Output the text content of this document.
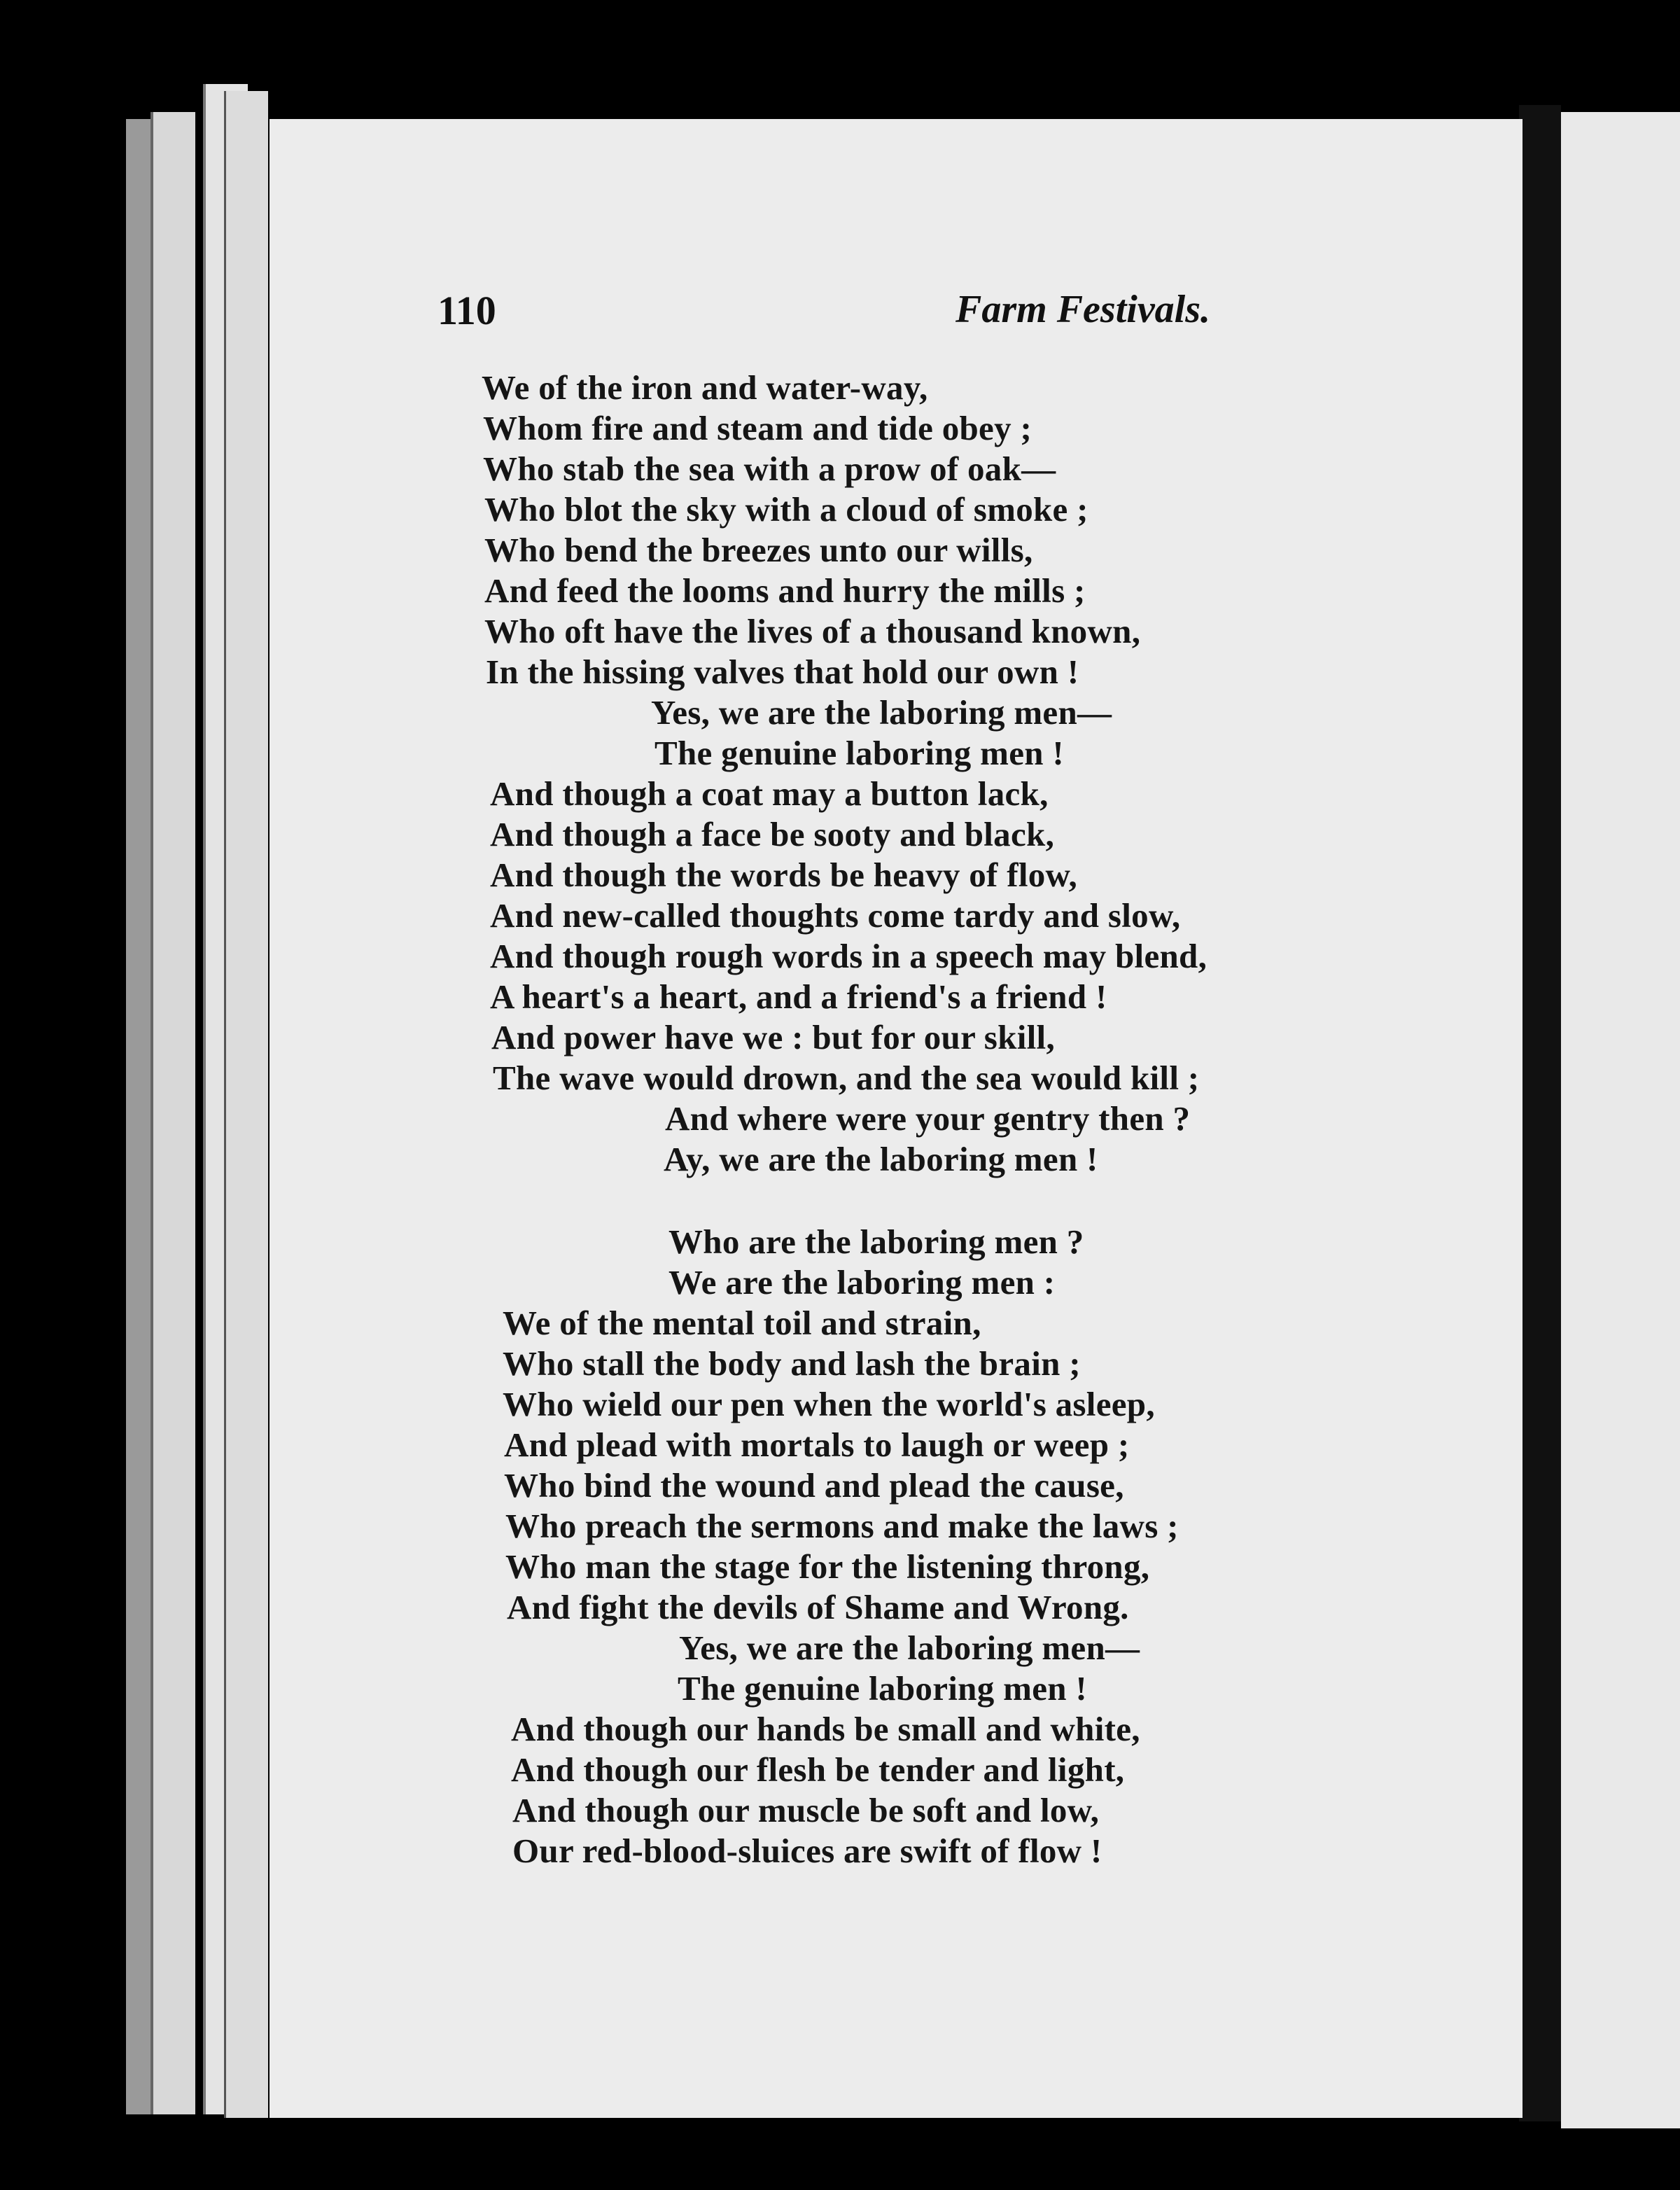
110	Farm Festivals.
We of the iron and water-way,
Whom fire and steam and tide obey ;
Who stab the sea with a prow of oak—
Who blot the sky with a cloud of smoke ;
Who bend the breezes unto our wills,
And feed the looms and hurry the mills ;
Who oft have the lives of a thousand known,
In the hissing valves that hold our own !
Yes, we are the laboring men—
The genuine laboring men !
And though a coat may a button lack,
And though a face be sooty and black,
And though the words be heavy of flow,
And new-called thoughts come tardy and slow,
And though rough words in a speech may blend,
A heart's a heart, and a friend's a friend !
And power have we : but for our skill,
The wave would drown, and the sea would kill ;
And where were your gentry then ?
Ay, we are the laboring men !
Who are the laboring men ?
We are the laboring men :
We of the mental toil and strain,
Who stall the body and lash the brain ;
Who wield our pen when the world's asleep,
And plead with mortals to laugh or weep ;
Who bind the wound and plead the cause,
Who preach the sermons and make the laws ;
Who man the stage for the listening throng,
And fight the devils of Shame and Wrong.
Yes, we are the laboring men—
The genuine laboring men !
And though our hands be small and white,
And though our flesh be tender and light,
And though our muscle be soft and low,
Our red-blood-sluices are swift of flow !
